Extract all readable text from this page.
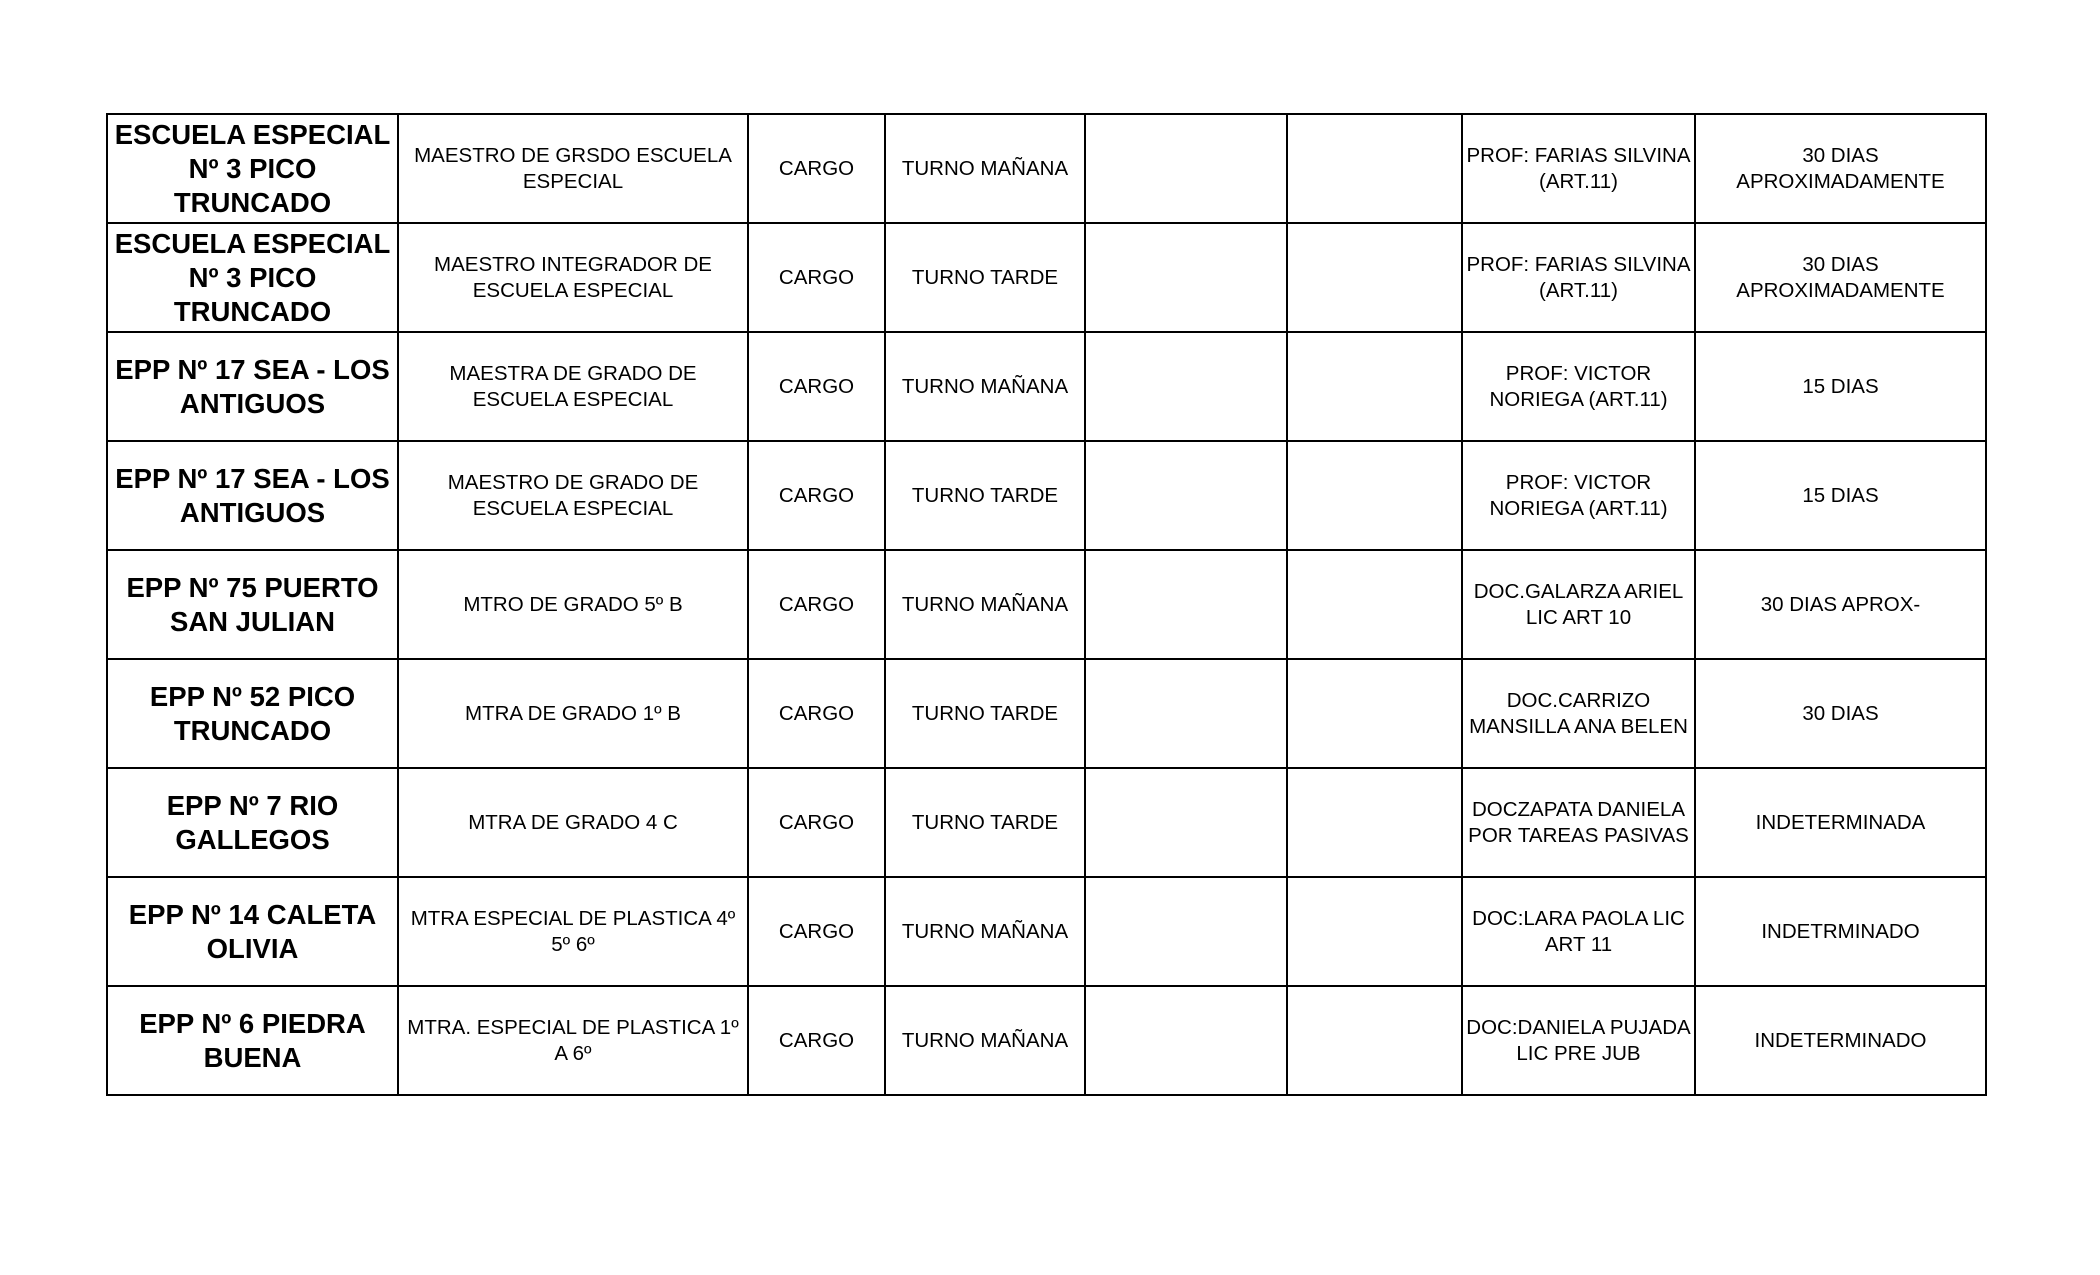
ESCUELA ESPECIAL Nº 3 PICO TRUNCADO	MAESTRO DE GRSDO ESCUELA ESPECIAL	CARGO	TURNO MAÑANA			PROF: FARIAS SILVINA (ART.11)	30 DIAS APROXIMADAMENTE
ESCUELA ESPECIAL Nº 3 PICO TRUNCADO	MAESTRO INTEGRADOR DE ESCUELA ESPECIAL	CARGO	TURNO TARDE			PROF: FARIAS SILVINA (ART.11)	30 DIAS APROXIMADAMENTE
EPP Nº 17 SEA - LOS ANTIGUOS	MAESTRA DE GRADO DE ESCUELA ESPECIAL	CARGO	TURNO MAÑANA			PROF: VICTOR NORIEGA (ART.11)	15 DIAS
EPP Nº 17 SEA - LOS ANTIGUOS	MAESTRO DE GRADO DE ESCUELA ESPECIAL	CARGO	TURNO TARDE			PROF: VICTOR NORIEGA (ART.11)	15 DIAS
EPP Nº 75 PUERTO SAN JULIAN	MTRO DE GRADO 5º B	CARGO	TURNO MAÑANA			DOC.GALARZA ARIEL LIC ART 10	30 DIAS APROX-
EPP Nº 52 PICO TRUNCADO	MTRA DE GRADO 1º B	CARGO	TURNO TARDE			DOC.CARRIZO MANSILLA ANA BELEN	30 DIAS
EPP Nº 7 RIO GALLEGOS	MTRA DE GRADO 4 C	CARGO	TURNO TARDE			DOCZAPATA DANIELA POR TAREAS PASIVAS	INDETERMINADA
EPP Nº 14 CALETA OLIVIA	MTRA ESPECIAL DE PLASTICA 4º 5º 6º	CARGO	TURNO MAÑANA			DOC:LARA PAOLA LIC ART 11	INDETRMINADO
EPP Nº 6 PIEDRA BUENA	MTRA. ESPECIAL DE PLASTICA 1º A 6º	CARGO	TURNO MAÑANA			DOC:DANIELA PUJADA LIC PRE JUB	INDETERMINADO
